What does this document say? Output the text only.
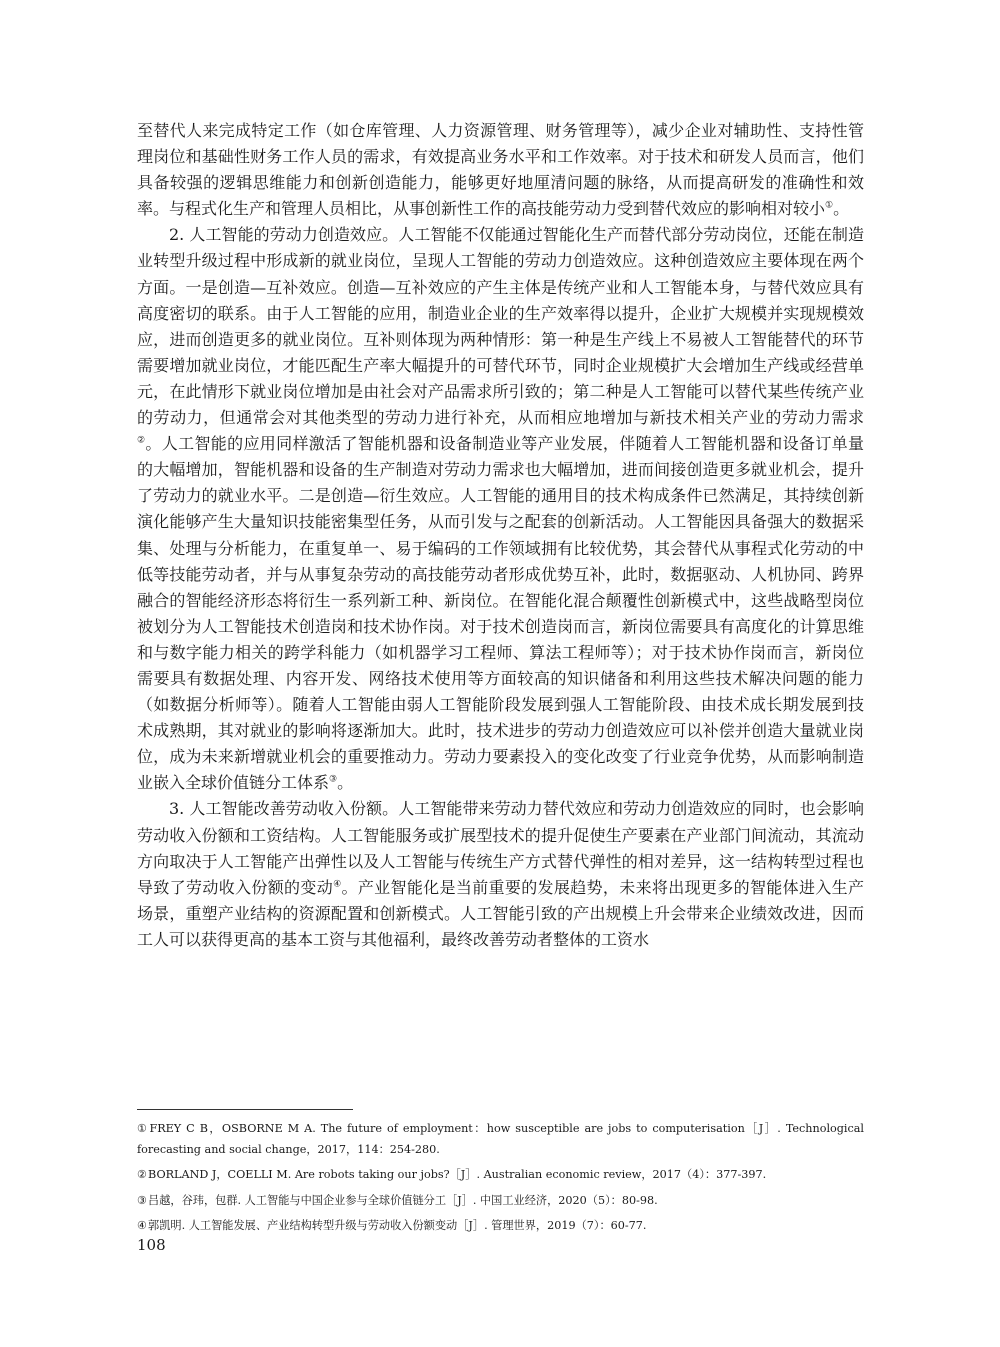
至替代人来完成特定工作（如仓库管理、人力资源管理、财务管理等），减少企业对辅助性、支持性管理岗位和基础性财务工作人员的需求，有效提高业务水平和工作效率。对于技术和研发人员而言，他们具备较强的逻辑思维能力和创新创造能力，能够更好地厘清问题的脉络，从而提高研发的准确性和效率。与程式化生产和管理人员相比，从事创新性工作的高技能劳动力受到替代效应的影响相对较小①。

2. 人工智能的劳动力创造效应。人工智能不仅能通过智能化生产而替代部分劳动岗位，还能在制造业转型升级过程中形成新的就业岗位，呈现人工智能的劳动力创造效应。这种创造效应主要体现在两个方面。一是创造—互补效应。创造—互补效应的产生主体是传统产业和人工智能本身，与替代效应具有高度密切的联系。由于人工智能的应用，制造业企业的生产效率得以提升，企业扩大规模并实现规模效应，进而创造更多的就业岗位。互补则体现为两种情形：第一种是生产线上不易被人工智能替代的环节需要增加就业岗位，才能匹配生产率大幅提升的可替代环节，同时企业规模扩大会增加生产线或经营单元，在此情形下就业岗位增加是由社会对产品需求所引致的；第二种是人工智能可以替代某些传统产业的劳动力，但通常会对其他类型的劳动力进行补充，从而相应地增加与新技术相关产业的劳动力需求②。人工智能的应用同样激活了智能机器和设备制造业等产业发展，伴随着人工智能机器和设备订单量的大幅增加，智能机器和设备的生产制造对劳动力需求也大幅增加，进而间接创造更多就业机会，提升了劳动力的就业水平。二是创造—衍生效应。人工智能的通用目的技术构成条件已然满足，其持续创新演化能够产生大量知识技能密集型任务，从而引发与之配套的创新活动。人工智能因具备强大的数据采集、处理与分析能力，在重复单一、易于编码的工作领域拥有比较优势，其会替代从事程式化劳动的中低等技能劳动者，并与从事复杂劳动的高技能劳动者形成优势互补，此时，数据驱动、人机协同、跨界融合的智能经济形态将衍生一系列新工种、新岗位。在智能化混合颠覆性创新模式中，这些战略型岗位被划分为人工智能技术创造岗和技术协作岗。对于技术创造岗而言，新岗位需要具有高度化的计算思维和与数字能力相关的跨学科能力（如机器学习工程师、算法工程师等）；对于技术协作岗而言，新岗位需要具有数据处理、内容开发、网络技术使用等方面较高的知识储备和利用这些技术解决问题的能力（如数据分析师等）。随着人工智能由弱人工智能阶段发展到强人工智能阶段、由技术成长期发展到技术成熟期，其对就业的影响将逐渐加大。此时，技术进步的劳动力创造效应可以补偿并创造大量就业岗位，成为未来新增就业机会的重要推动力。劳动力要素投入的变化改变了行业竞争优势，从而影响制造业嵌入全球价值链分工体系③。

3. 人工智能改善劳动收入份额。人工智能带来劳动力替代效应和劳动力创造效应的同时，也会影响劳动收入份额和工资结构。人工智能服务或扩展型技术的提升促使生产要素在产业部门间流动，其流动方向取决于人工智能产出弹性以及人工智能与传统生产方式替代弹性的相对差异，这一结构转型过程也导致了劳动收入份额的变动④。产业智能化是当前重要的发展趋势，未来将出现更多的智能体进入生产场景，重塑产业结构的资源配置和创新模式。人工智能引致的产出规模上升会带来企业绩效改进，因而工人可以获得更高的基本工资与其他福利，最终改善劳动者整体的工资水

①FREY C B，OSBORNE M A. The future of employment：how susceptible are jobs to computerisation［J］. Technological forecasting and social change，2017，114：254-280.

②BORLAND J，COELLI M. Are robots taking our jobs?［J］. Australian economic review，2017（4）：377-397.

③吕越，谷玮，包群. 人工智能与中国企业参与全球价值链分工［J］. 中国工业经济，2020（5）：80-98.

④郭凯明. 人工智能发展、产业结构转型升级与劳动收入份额变动［J］. 管理世界，2019（7）：60-77.

108
